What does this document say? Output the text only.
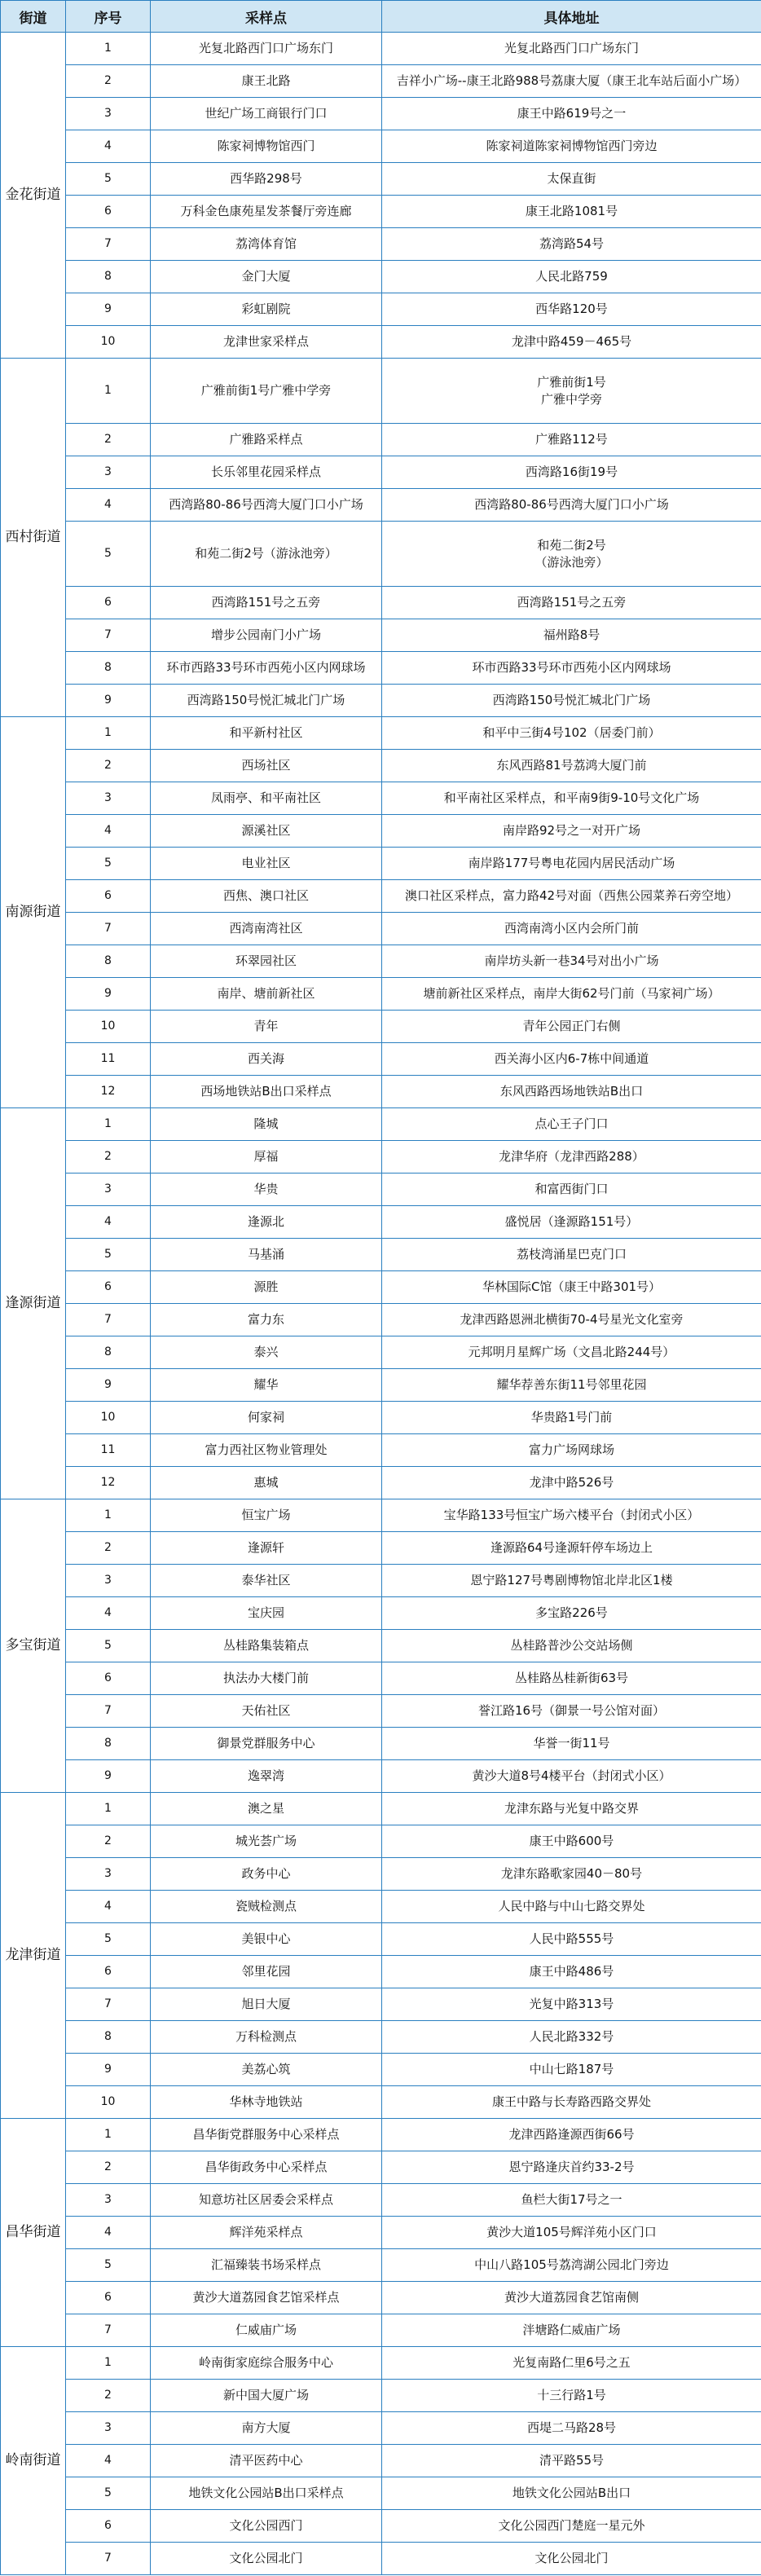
街道	序号	采样点	具体地址
金花街道	1	光复北路西门口广场东门	光复北路西门口广场东门

	2	康王北路	吉祥小广场--康王北路988号荔康大厦（康王北车站后面小广场）

	3	世纪广场工商银行门口	康王中路619号之一

	4	陈家祠博物馆西门	陈家祠道陈家祠博物馆西门旁边

	5	西华路298号	太保直街

	6	万科金色康苑星发茶餐厅旁连廊	康王北路1081号

	7	荔湾体育馆	荔湾路54号

	8	金门大厦	人民北路759

	9	彩虹剧院	西华路120号

	10	龙津世家采样点	龙津中路459－465号

西村街道	1	广雅前街1号广雅中学旁	广雅前街1号
广雅中学旁

	2	广雅路采样点	广雅路112号

	3	长乐邻里花园采样点	西湾路16街19号

	4	西湾路80-86号西湾大厦门口小广场	西湾路80-86号西湾大厦门口小广场

	5	和苑二街2号（游泳池旁）	和苑二街2号
（游泳池旁）

	6	西湾路151号之五旁	西湾路151号之五旁

	7	增步公园南门小广场	福州路8号

	8	环市西路33号环市西苑小区内网球场	环市西路33号环市西苑小区内网球场

	9	西湾路150号悦汇城北门广场	西湾路150号悦汇城北门广场

南源街道	1	和平新村社区	和平中三街4号102（居委门前）

	2	西场社区	东风西路81号荔鸿大厦门前

	3	凤雨亭、和平南社区	和平南社区采样点，和平南9街9-10号文化广场

	4	源溪社区	南岸路92号之一对开广场

	5	电业社区	南岸路177号粤电花园内居民活动广场

	6	西焦、澳口社区	澳口社区采样点，富力路42号对面（西焦公园菜养石旁空地）

	7	西湾南湾社区	西湾南湾小区内会所门前

	8	环翠园社区	南岸坊头新一巷34号对出小广场

	9	南岸、塘前新社区	塘前新社区采样点，南岸大街62号门前（马家祠广场）

	10	青年	青年公园正门右侧

	11	西关海	西关海小区内6-7栋中间通道

	12	西场地铁站B出口采样点	东风西路西场地铁站B出口

逢源街道	1	隆城	点心王子门口

	2	厚福	龙津华府（龙津西路288）

	3	华贵	和富西街门口

	4	逢源北	盛悦居（逢源路151号）

	5	马基涌	荔枝湾涌星巴克门口

	6	源胜	华林国际C馆（康王中路301号）

	7	富力东	龙津西路恩洲北横街70-4号星光文化室旁

	8	泰兴	元邦明月星辉广场（文昌北路244号）

	9	耀华	耀华荐善东街11号邻里花园

	10	何家祠	华贵路1号门前

	11	富力西社区物业管理处	富力广场网球场

	12	惠城	龙津中路526号

多宝街道	1	恒宝广场	宝华路133号恒宝广场六楼平台（封闭式小区）

	2	逢源轩	逢源路64号逢源轩停车场边上

	3	泰华社区	恩宁路127号粤剧博物馆北岸北区1楼

	4	宝庆园	多宝路226号

	5	丛桂路集装箱点	丛桂路普沙公交站场侧

	6	执法办大楼门前	丛桂路丛桂新街63号

	7	天佑社区	誉江路16号（御景一号公馆对面）

	8	御景党群服务中心	华誉一街11号

	9	逸翠湾	黄沙大道8号4楼平台（封闭式小区）

龙津街道	1	澳之星	龙津东路与光复中路交界

	2	城光荟广场	康王中路600号

	3	政务中心	龙津东路歌家园40－80号

	4	瓷贼检测点	人民中路与中山七路交界处

	5	美银中心	人民中路555号

	6	邻里花园	康王中路486号

	7	旭日大厦	光复中路313号

	8	万科检测点	人民北路332号

	9	美荔心筑	中山七路187号

	10	华林寺地铁站	康王中路与长寿路西路交界处

昌华街道	1	昌华街党群服务中心采样点	龙津西路逢源西街66号

	2	昌华街政务中心采样点	恩宁路逢庆首约33-2号

	3	知意坊社区居委会采样点	鱼栏大街17号之一

	4	辉洋苑采样点	黄沙大道105号辉洋苑小区门口

	5	汇福臻装书场采样点	中山八路105号荔湾湖公园北门旁边

	6	黄沙大道荔园食艺馆采样点	黄沙大道荔园食艺馆南侧

	7	仁威庙广场	泮塘路仁威庙广场

岭南街道	1	岭南街家庭综合服务中心	光复南路仁里6号之五

	2	新中国大厦广场	十三行路1号

	3	南方大厦	西堤二马路28号

	4	清平医药中心	清平路55号

	5	地铁文化公园站B出口采样点	地铁文化公园站B出口

	6	文化公园西门	文化公园西门楚庭一星元外

	7	文化公园北门	文化公园北门
